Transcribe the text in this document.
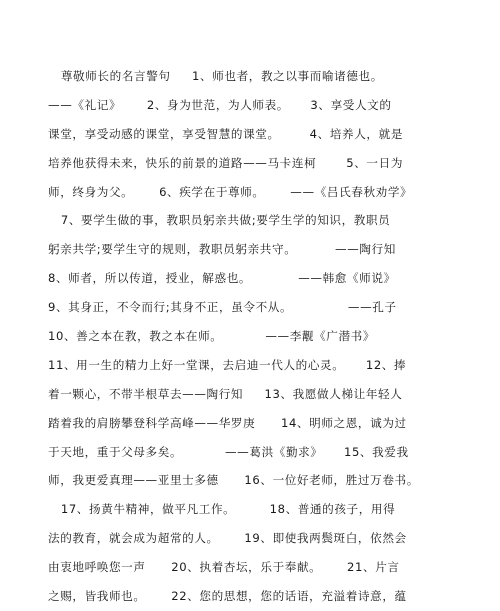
尊敬师长的名言警句     1、师也者，教之以事而喻诸德也。
——《礼记》      2、身为世范，为人师表。     3、享受人文的
课堂，享受动感的课堂，享受智慧的课堂。       4、培养人，就是
培养他获得未来，快乐的前景的道路——马卡连柯       5、一日为
师，终身为父。      6、疾学在于尊师。      ——《吕氏春秋劝学》
7、要学生做的事，教职员躬亲共做;要学生学的知识，教职员
躬亲共学;要学生守的规则，教职员躬亲共守。         ——陶行知
8、师者，所以传道，授业，解惑也。           ——韩愈《师说》
9、其身正，不令而行;其身不正，虽令不从。             ——孔子
10、善之本在教，教之本在师。          ——李觏《广潜书》
11、用一生的精力上好一堂课，去启迪一代人的心灵。     12、捧
着一颗心，不带半根草去——陶行知     13、我愿做人梯让年轻人
踏着我的肩膀攀登科学高峰——华罗庚      14、明师之恩，诚为过
于天地，重于父母多矣。          ——葛洪《勤求》     15、我爱我
师，我更爱真理——亚里士多德      16、一位好老师，胜过万卷书。
17、扬黄牛精神，做平凡工作。        18、普通的孩子，用得
法的教育，就会成为超常的人。      19、即使我两鬓斑白，依然会
由衷地呼唤您一声      20、执着杏坛，乐于奉献。      21、片言
之赐，皆我师也。      22、您的思想，您的话语，充溢着诗意，蕴
